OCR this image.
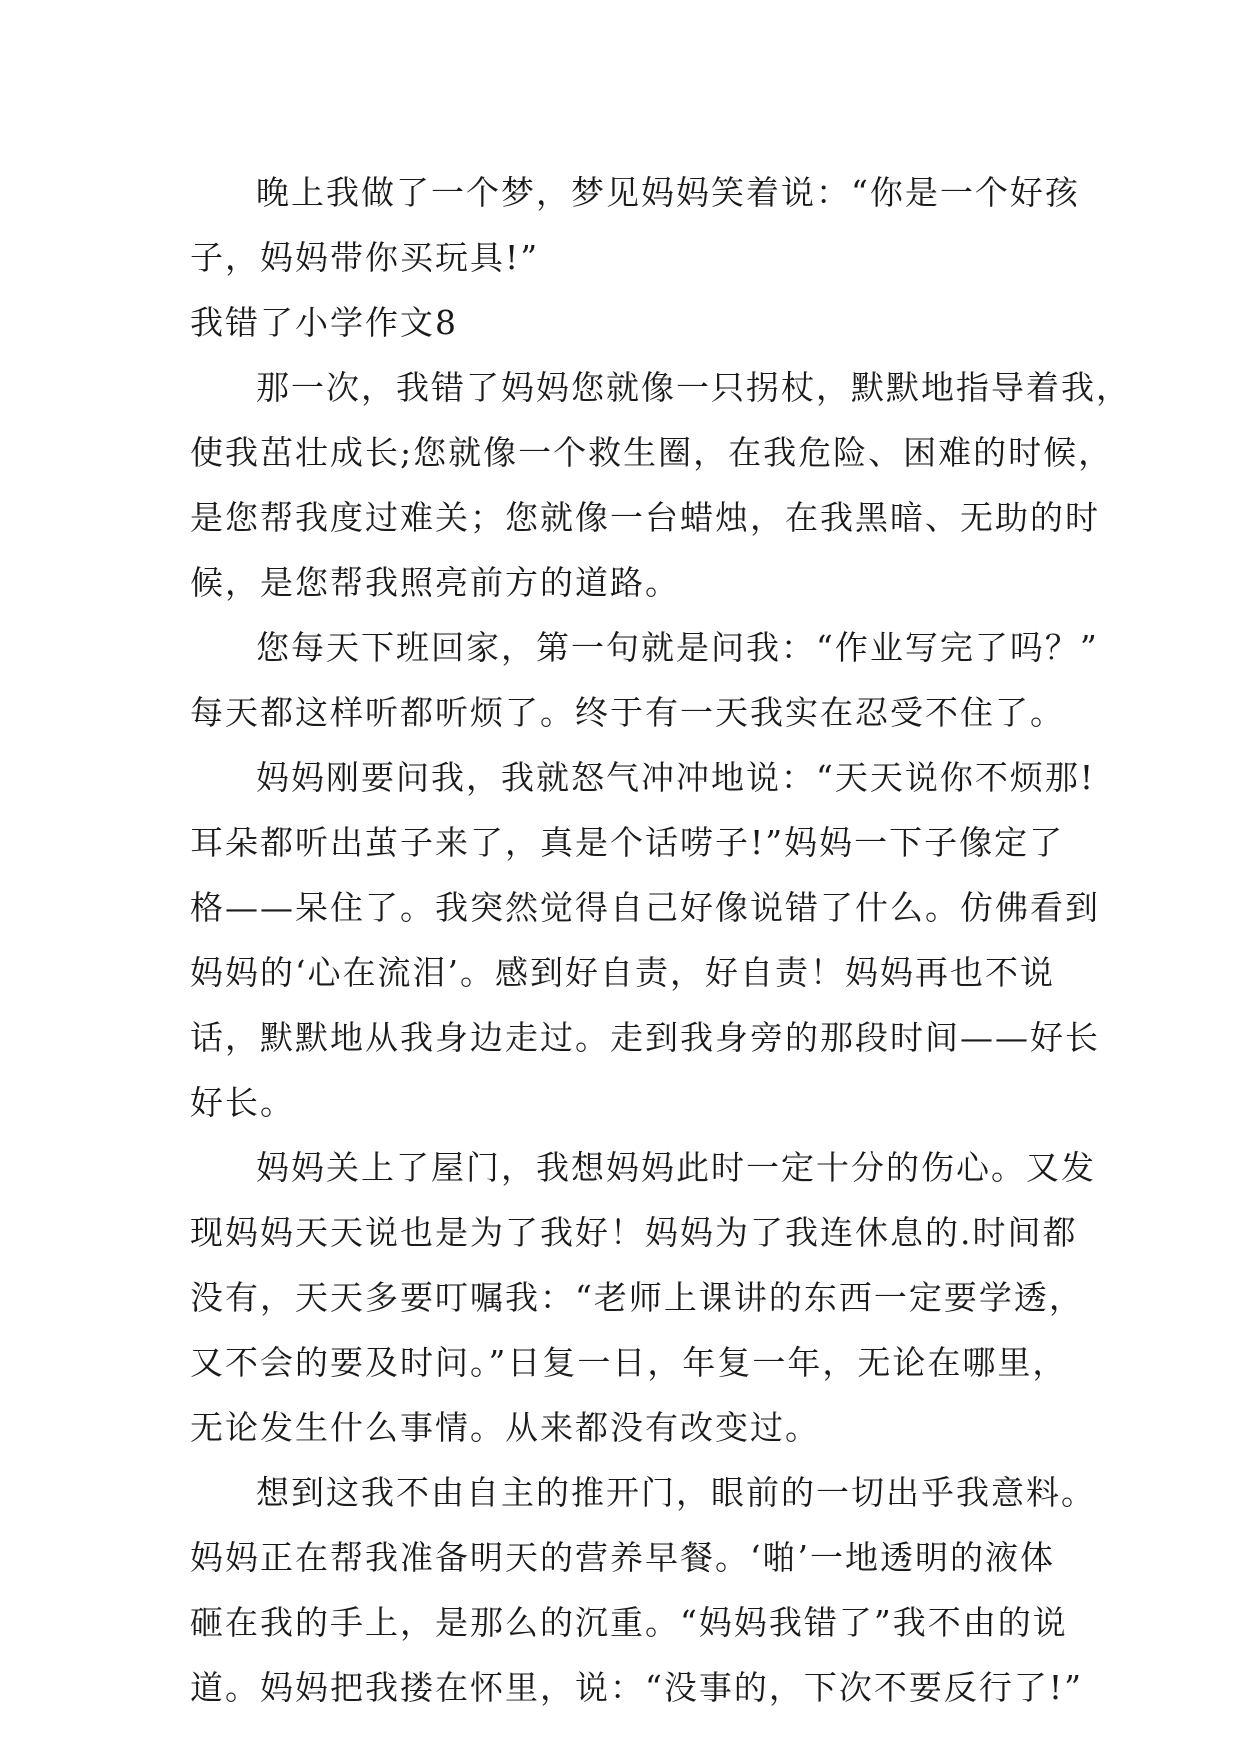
晚上我做了一个梦，梦见妈妈笑着说：“你是一个好孩
子，妈妈带你买玩具!”
我错了小学作文8
那一次，我错了妈妈您就像一只拐杖，默默地指导着我，
使我茁壮成长;您就像一个救生圈，在我危险、困难的时候，
是您帮我度过难关；您就像一台蜡烛，在我黑暗、无助的时
候，是您帮我照亮前方的道路。
您每天下班回家，第一句就是问我：“作业写完了吗？”
每天都这样听都听烦了。终于有一天我实在忍受不住了。
妈妈刚要问我，我就怒气冲冲地说：“天天说你不烦那!
耳朵都听出茧子来了，真是个话唠子!”妈妈一下子像定了
格——呆住了。我突然觉得自己好像说错了什么。仿佛看到
妈妈的‘心在流泪’。感到好自责，好自责！妈妈再也不说
话，默默地从我身边走过。走到我身旁的那段时间——好长
好长。
妈妈关上了屋门，我想妈妈此时一定十分的伤心。又发
现妈妈天天说也是为了我好！妈妈为了我连休息的.时间都
没有，天天多要叮嘱我：“老师上课讲的东西一定要学透，
又不会的要及时问。”日复一日，年复一年，无论在哪里，
无论发生什么事情。从来都没有改变过。
想到这我不由自主的推开门，眼前的一切出乎我意料。
妈妈正在帮我准备明天的营养早餐。‘啪’一地透明的液体
砸在我的手上，是那么的沉重。“妈妈我错了”我不由的说
道。妈妈把我搂在怀里，说：“没事的，下次不要反行了!”
